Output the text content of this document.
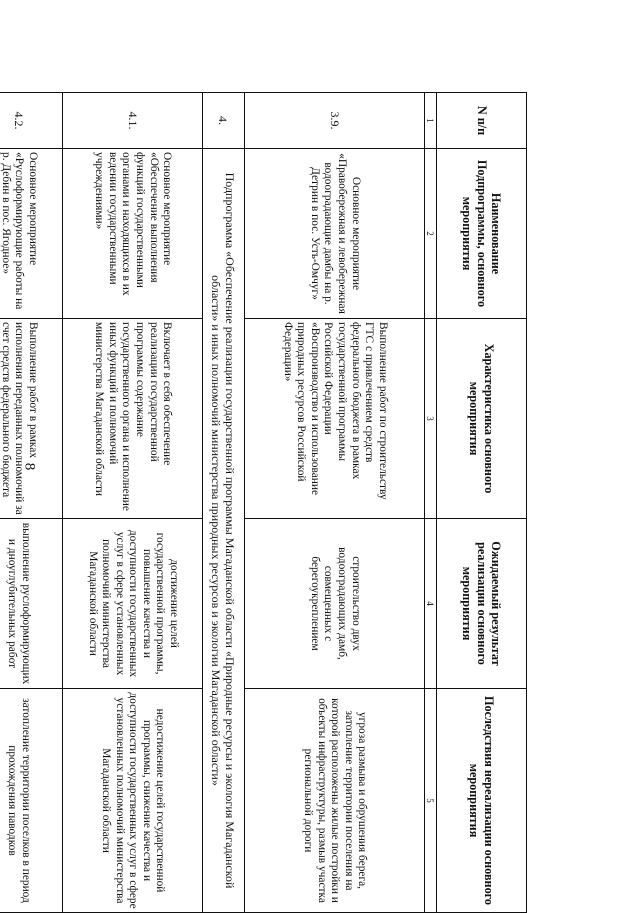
8
N п/п	Наименование Подпрограммы, основного мероприятия	Характеристика основного мероприятия	Ожидаемый результат реализации основного мероприятия	Последствия нереализации основного мероприятия
1	2	3	4	5
3.9.	Основное мероприятие «Правобережная и левобережная водооградающие дамбы на р. Детрин в пос. Усть-Омчуг»	Выполнение работ по строительству ГТС с привлечением средств федерального бюджета в рамках государственной программы Российской Федерации «Воспроизводство и использование природных ресурсов Российской Федерации»	строительство двух водооградающих дамб, совмещенных с берегоукреплением	угроза размыва и обрушения берега, затопление территории поселения на которой расположены жилые постройки и объекты инфраструктуры, размыв участка региональной дороги
4.	Подпрограмма «Обеспечение реализации государственной программы Магаданской области «Природные ресурсы и экология Магаданской области» и иных полномочий министерства природных ресурсов и экологии Магаданской области»			
4.1.	Основное мероприятие «Обеспечение выполнения функций государственными органами и находящихся в их ведении государственными учреждениями»	Включает в себя обеспечение реализации государственной программы содержание государственного органа и исполнение иных функций и полномочий министерства Магаданской области	достижение целей государственной программы, повышение качества и доступности государственных услуг в сфере установленных полномочий министерства Магаданской области	недостижение целей государственной программы, снижение качества и доступности государственных услуг в сфере установленных полномочий министерства Магаданской области
4.2.	Основное мероприятие «Руслоформирующие работы на р. Дебин в пос. Ягодное»	Выполнение работ в рамках исполнения переданных полномочий за счет средств федерального бюджета	выполнение руслоформирующих и дноуглубительных работ	затопление территории поселков в период прохождения паводков
